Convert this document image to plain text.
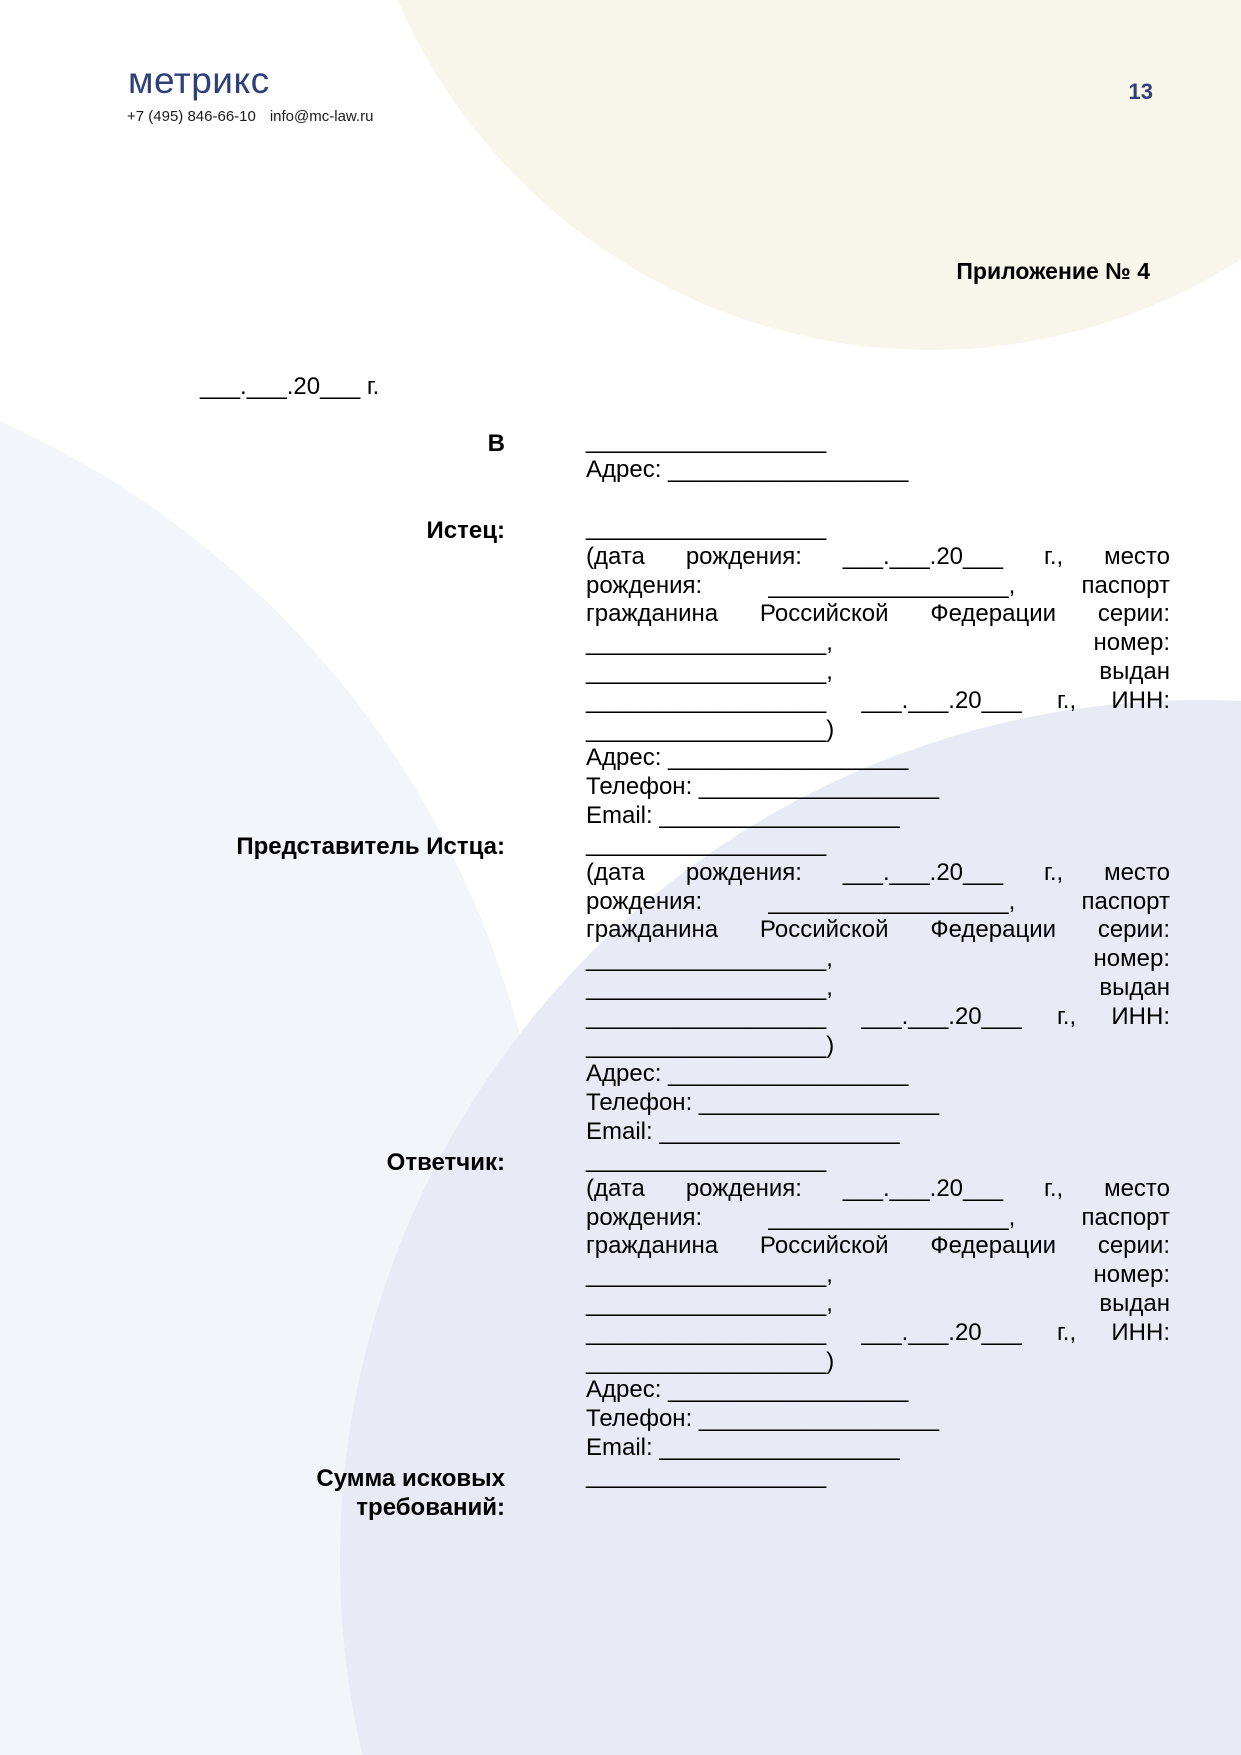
метрикс
+7 (495) 846-66-10 info@mc-law.ru
13
Приложение № 4
___.___.20___ г.
В	__________________
Адрес: __________________
Истец:	__________________
(дата рождения: ___.___.20___ г., место
рождения: __________________, паспорт
гражданина Российской Федерации серии:
__________________, номер:
__________________, выдан
__________________ ___.___.20___ г., ИНН:
__________________)
Адрес: __________________
Телефон: __________________
Email: __________________
Представитель Истца:	__________________
(дата рождения: ___.___.20___ г., место
рождения: __________________, паспорт
гражданина Российской Федерации серии:
__________________, номер:
__________________, выдан
__________________ ___.___.20___ г., ИНН:
__________________)
Адрес: __________________
Телефон: __________________
Email: __________________
Ответчик:	__________________
(дата рождения: ___.___.20___ г., место
рождения: __________________, паспорт
гражданина Российской Федерации серии:
__________________, номер:
__________________, выдан
__________________ ___.___.20___ г., ИНН:
__________________)
Адрес: __________________
Телефон: __________________
Email: __________________
Сумма исковых
требований:
__________________
